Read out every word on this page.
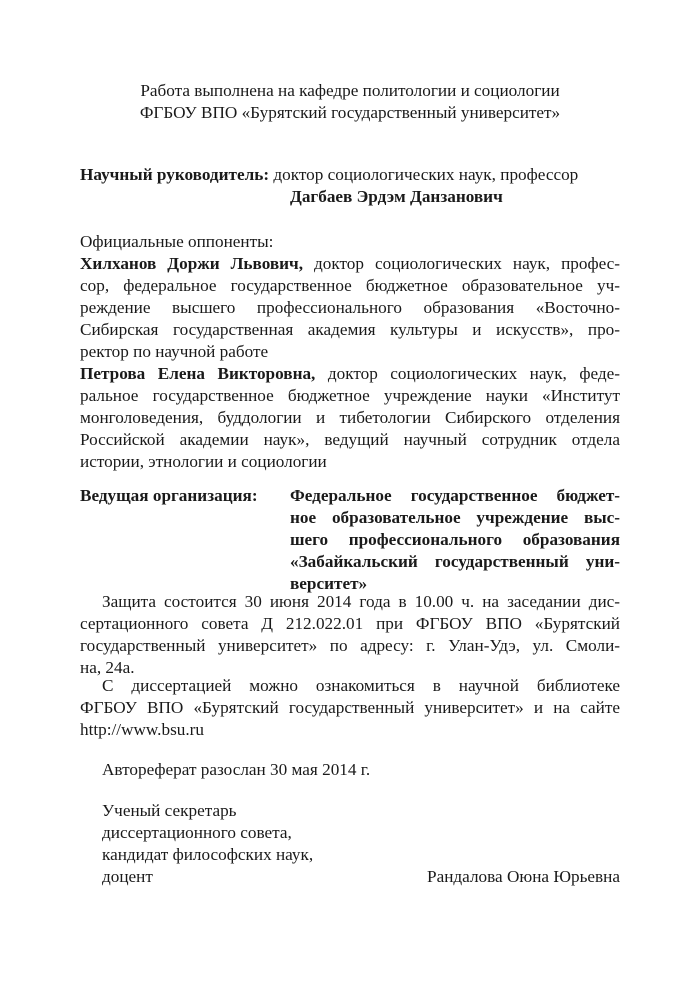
Работа выполнена на кафедре политологии и социологии
ФГБОУ ВПО «Бурятский государственный университет»
Научный руководитель: доктор социологических наук, профессор
Дагбаев Эрдэм Данзанович
Официальные оппоненты:
Хилханов Доржи Львович, доктор социологических наук, профес-
сор, федеральное государственное бюджетное образовательное уч-
реждение высшего профессионального образования «Восточно-
Сибирская государственная академия культуры и искусств», про-
ректор по научной работе
Петрова Елена Викторовна, доктор социологических наук, феде-
ральное государственное бюджетное учреждение науки «Институт
монголоведения, буддологии и тибетологии Сибирского отделения
Российской академии наук», ведущий научный сотрудник отдела
истории, этнологии и социологии
Ведущая организация:	Федеральное государственное бюджет-
ное образовательное учреждение выс-
шего профессионального образования
«Забайкальский государственный уни-
верситет»
Защита состоится 30 июня 2014 года в 10.00 ч. на заседании дис-
сертационного совета Д 212.022.01 при ФГБОУ ВПО «Бурятский
государственный университет» по адресу: г. Улан-Удэ, ул. Смоли-
на, 24а.
С диссертацией можно ознакомиться в научной библиотеке
ФГБОУ ВПО «Бурятский государственный университет» и на сайте
http://www.bsu.ru
Автореферат разослан 30 мая 2014 г.
Ученый секретарь
диссертационного совета,
кандидат философских наук,
доцент	Рандалова Оюна Юрьевна
